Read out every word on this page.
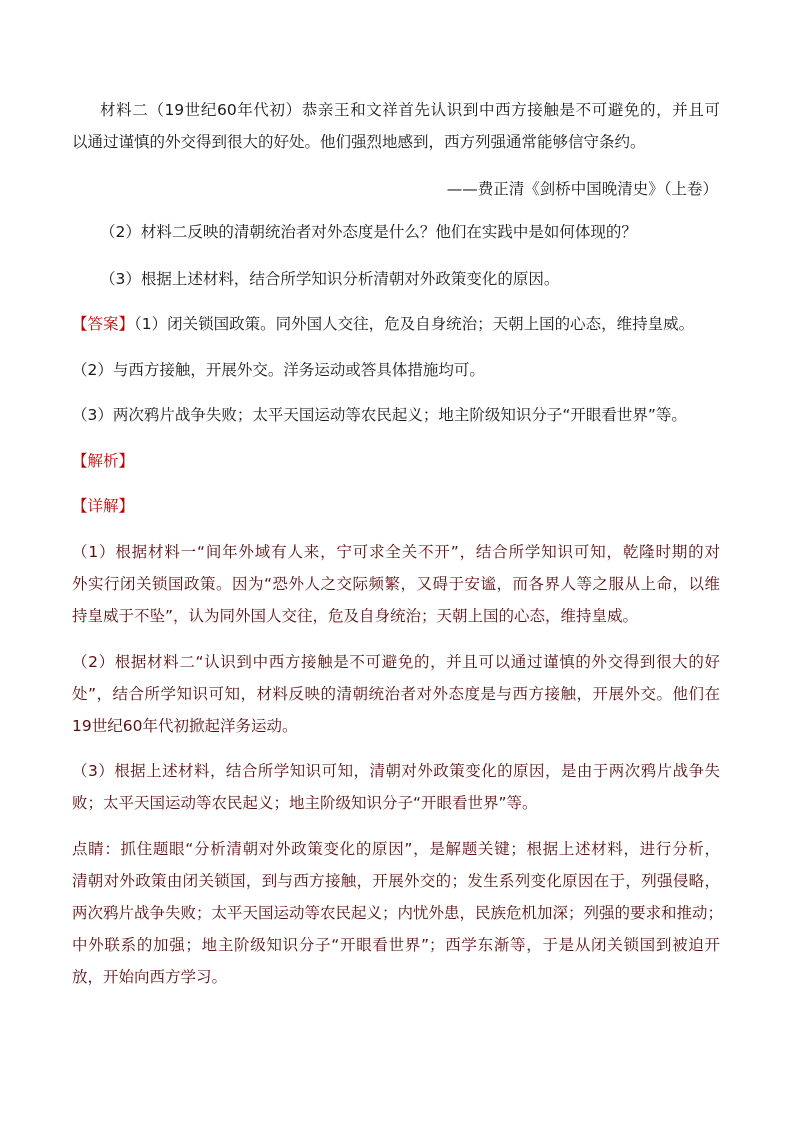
材料二（19世纪60年代初）恭亲王和文祥首先认识到中西方接触是不可避免的，并且可
以通过谨慎的外交得到很大的好处。他们强烈地感到，西方列强通常能够信守条约。
——费正清《剑桥中国晚清史》（上卷）
（2）材料二反映的清朝统治者对外态度是什么？他们在实践中是如何体现的？
（3）根据上述材料，结合所学知识分析清朝对外政策变化的原因。
【答案】（1）闭关锁国政策。同外国人交往，危及自身统治；天朝上国的心态，维持皇威。
（2）与西方接触，开展外交。洋务运动或答具体措施均可。
（3）两次鸦片战争失败；太平天国运动等农民起义；地主阶级知识分子“开眼看世界”等。
【解析】
【详解】
（1）根据材料一“间年外域有人来，宁可求全关不开”，结合所学知识可知，乾隆时期的对
外实行闭关锁国政策。因为“恐外人之交际频繁，又碍于安谧，而各界人等之服从上命，以维
持皇威于不坠”，认为同外国人交往，危及自身统治；天朝上国的心态，维持皇威。
（2）根据材料二“认识到中西方接触是不可避免的，并且可以通过谨慎的外交得到很大的好
处”，结合所学知识可知，材料反映的清朝统治者对外态度是与西方接触，开展外交。他们在
19世纪60年代初掀起洋务运动。
（3）根据上述材料，结合所学知识可知，清朝对外政策变化的原因，是由于两次鸦片战争失
败；太平天国运动等农民起义；地主阶级知识分子“开眼看世界”等。
点睛：抓住题眼“分析清朝对外政策变化的原因”，是解题关键；根据上述材料，进行分析，
清朝对外政策由闭关锁国，到与西方接触，开展外交的；发生系列变化原因在于，列强侵略，
两次鸦片战争失败；太平天国运动等农民起义；内忧外患，民族危机加深；列强的要求和推动；
中外联系的加强；地主阶级知识分子“开眼看世界”；西学东渐等，于是从闭关锁国到被迫开
放，开始向西方学习。
